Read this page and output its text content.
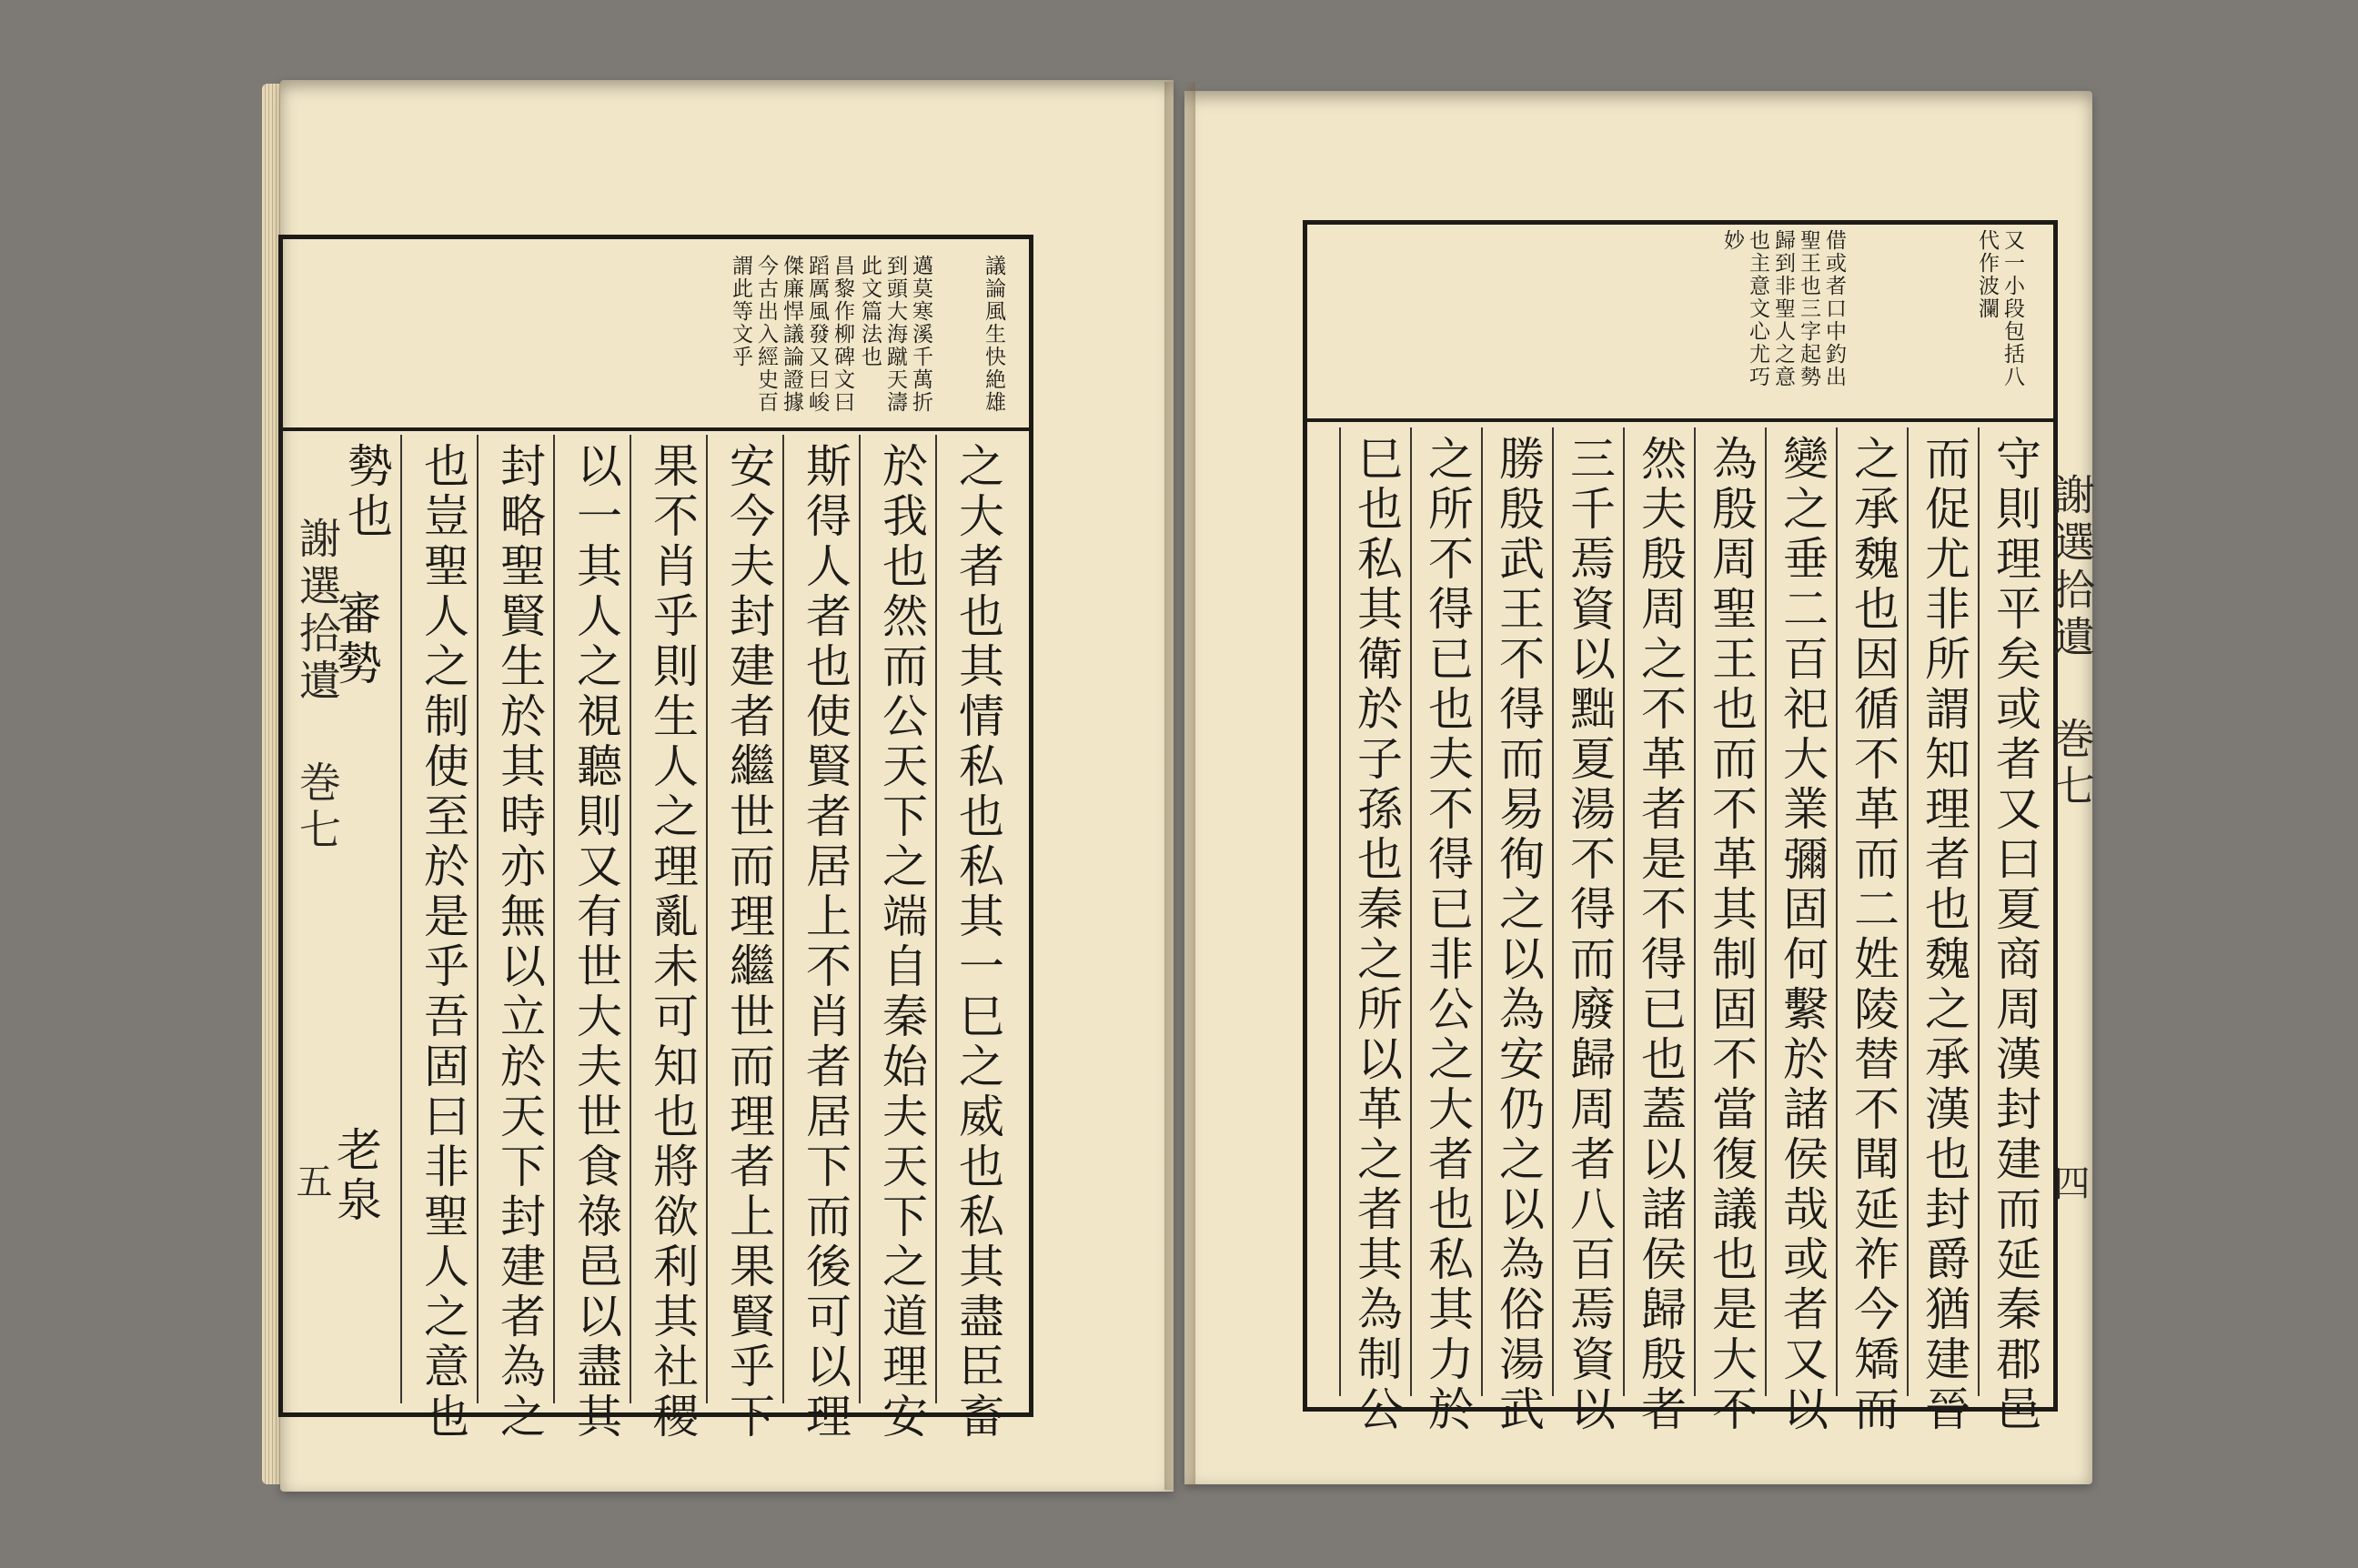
謝選拾遺 巻七
五
議論風生快絶雄
邁莫寒溪千萬折
到頭大海蹴天濤
此文篇法也
昌黎作柳碑文曰
蹈厲風發又曰峻
傑廉悍議論證據
今古出入經史百
謂此等文乎
之大者也其情私也私其一巳之威也私其盡臣畜
於我也然而公天下之端自秦始夫天下之道理安
斯得人者也使賢者居上不肖者居下而後可以理
安今夫封建者繼世而理繼世而理者上果賢乎下
果不肖乎則生人之理亂未可知也將欲利其社稷
以一其人之視聽則又有世大夫世食祿邑以盡其
封略聖賢生於其時亦無以立於天下封建者為之
也豈聖人之制使至於是乎吾固曰非聖人之意也
勢也
審勢
老泉
又一小段包括八
代作波瀾
借或者口中釣出
聖王也三字起勢
歸到非聖人之意
也主意文心尤巧
妙
守則理平矣或者又曰夏商周漢封建而延秦郡邑
而促尤非所謂知理者也魏之承漢也封爵猶建晉
之承魏也因循不革而二姓陵替不聞延祚今矯而
變之垂二百祀大業彌固何繫於諸侯哉或者又以
為殷周聖王也而不革其制固不當復議也是大不
然夫殷周之不革者是不得已也蓋以諸侯歸殷者
三千焉資以黜夏湯不得而廢歸周者八百焉資以
勝殷武王不得而易徇之以為安仍之以為俗湯武
之所不得已也夫不得已非公之大者也私其力於
巳也私其衛於子孫也秦之所以革之者其為制公	謝選拾遺 巻七
四
